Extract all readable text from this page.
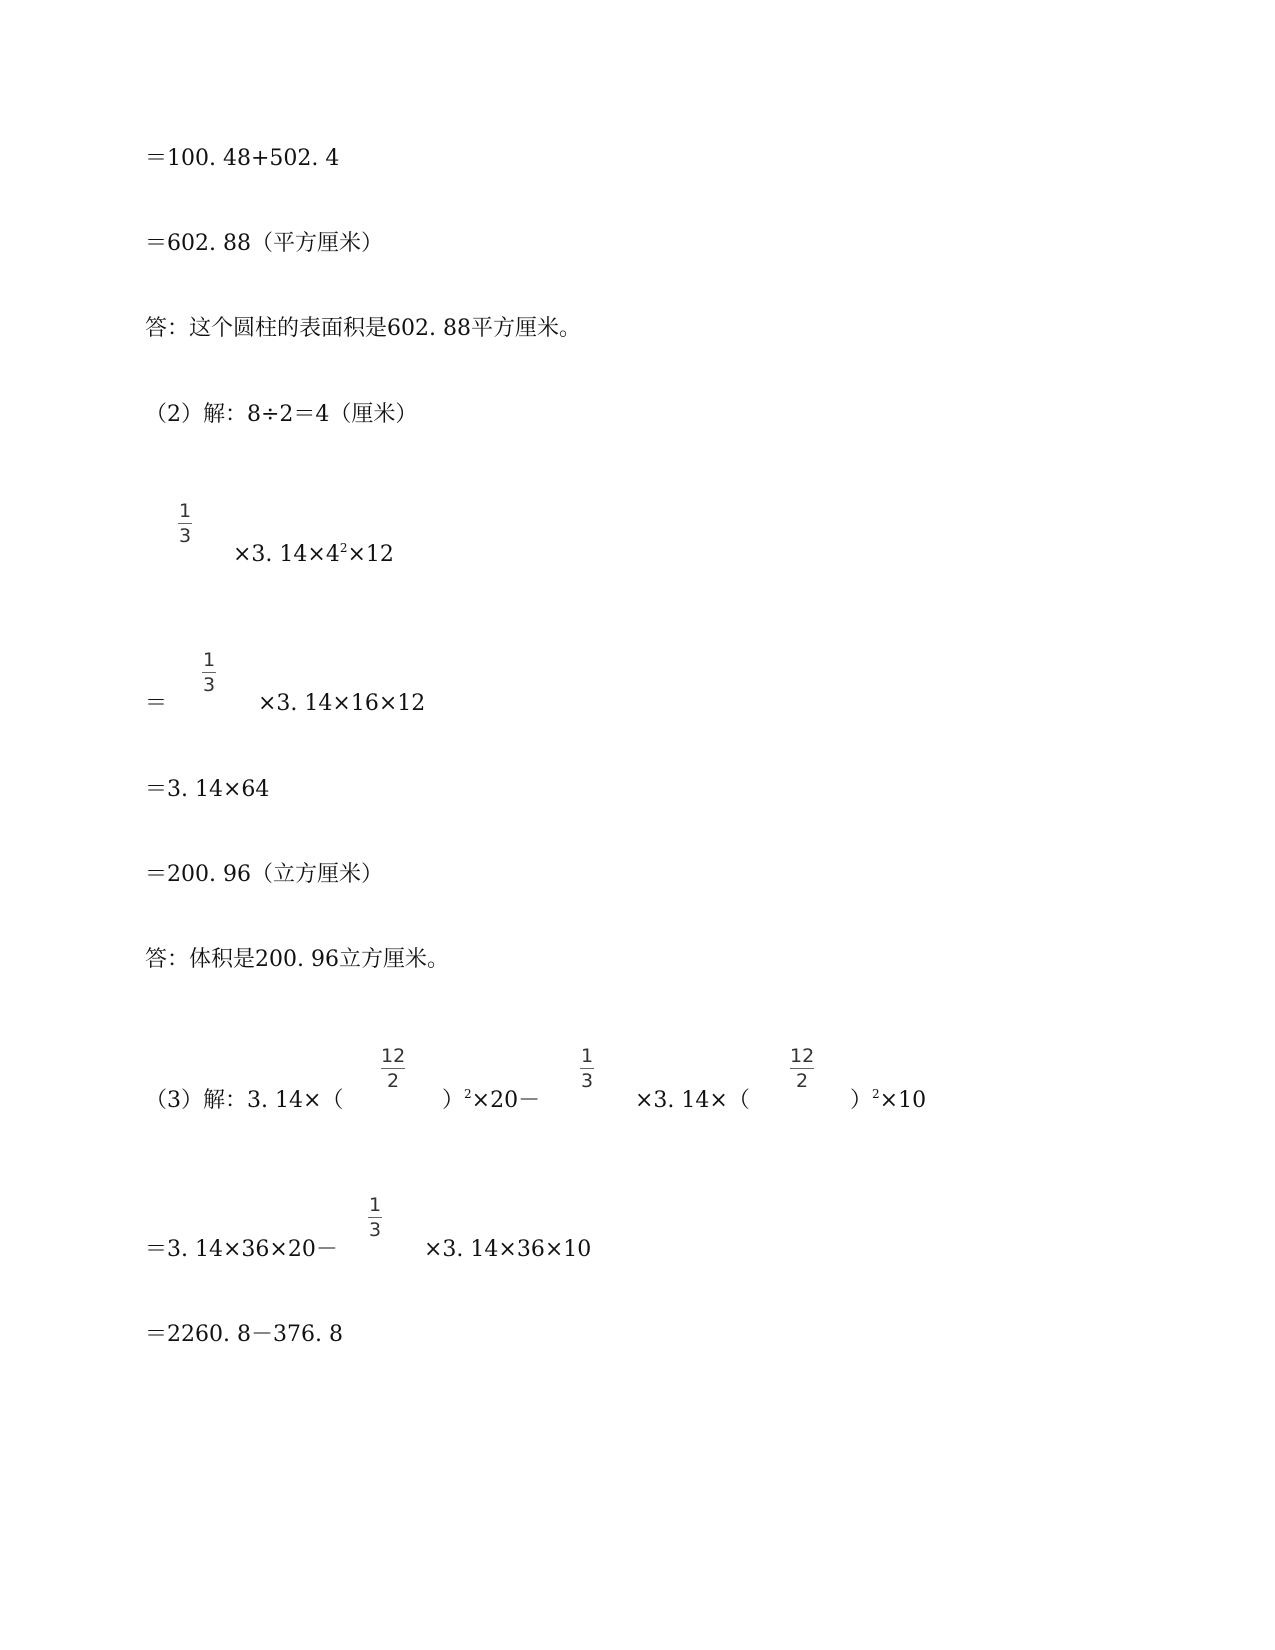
＝100. 48+502. 4
＝602. 88（平方厘米）
答：这个圆柱的表面积是602. 88平方厘米。
（2）解：8÷2＝4（厘米）
1
3
×3. $14\times 4^2\times 12$
＝
1
3
×3. 14×16×12
＝3. 14×64
＝200. 96（立方厘米）
答：体积是200. 96立方厘米。
（3）解：3. 14×（
12
2
）$^2$×20－
1
3
×3. 14×（
12
2
）$^2$×10
＝3. 14×36×20－
1
3
×3. 14×36×10
＝2260. 8－376. 8
